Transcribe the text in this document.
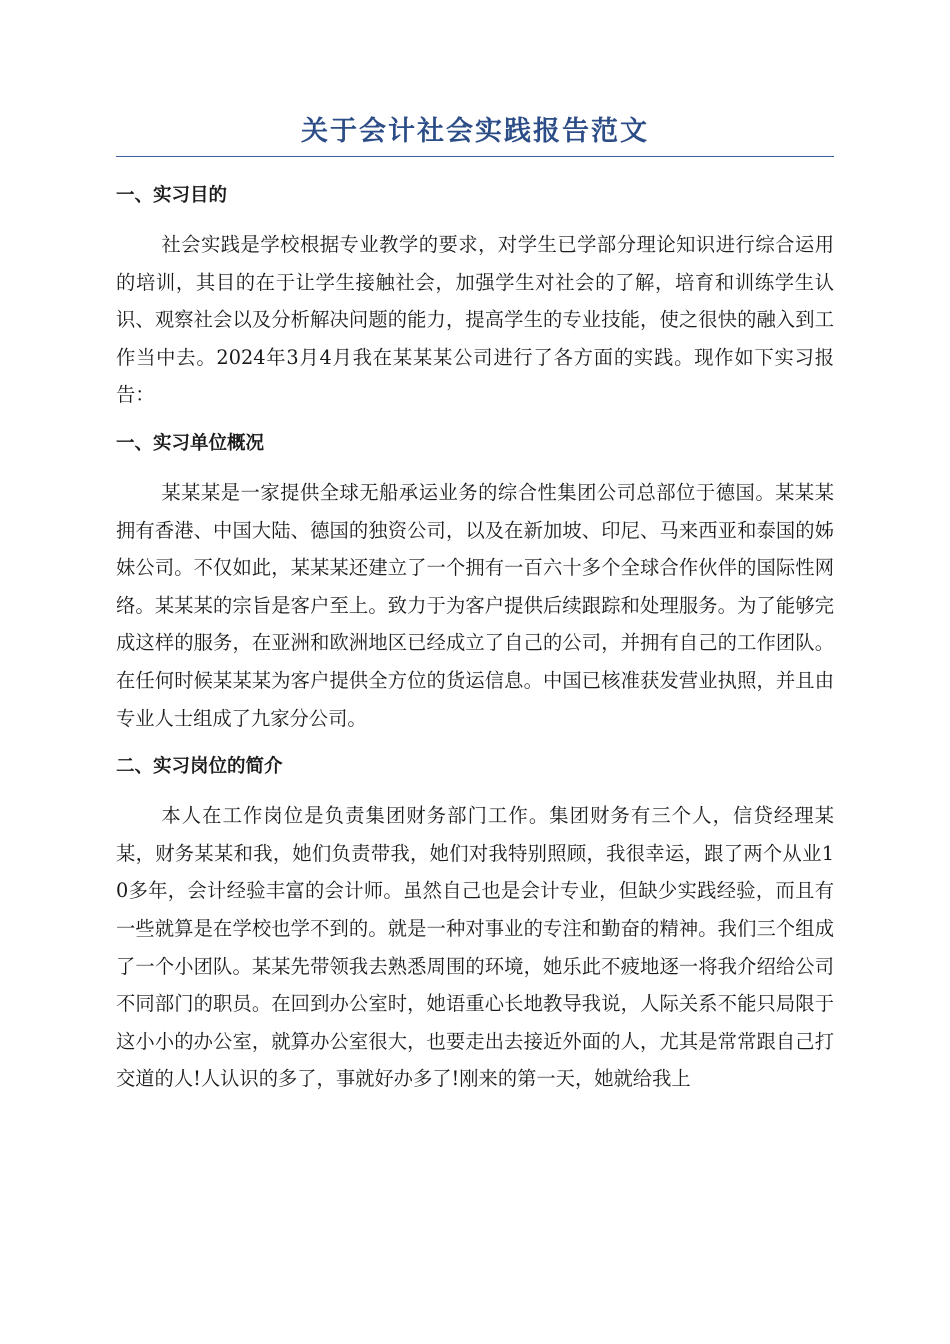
关于会计社会实践报告范文
一、实习目的

社会实践是学校根据专业教学的要求，对学生已学部分理论知识进行综合运用的培训，其目的在于让学生接触社会，加强学生对社会的了解，培育和训练学生认识、观察社会以及分析解决问题的能力，提高学生的专业技能，使之很快的融入到工作当中去。2024年3月4月我在某某某公司进行了各方面的实践。现作如下实习报告：

一、实习单位概况

某某某是一家提供全球无船承运业务的综合性集团公司总部位于德国。某某某拥有香港、中国大陆、德国的独资公司，以及在新加坡、印尼、马来西亚和泰国的姊妹公司。不仅如此，某某某还建立了一个拥有一百六十多个全球合作伙伴的国际性网络。某某某的宗旨是客户至上。致力于为客户提供后续跟踪和处理服务。为了能够完成这样的服务，在亚洲和欧洲地区已经成立了自己的公司，并拥有自己的工作团队。在任何时候某某某为客户提供全方位的货运信息。中国已核准获发营业执照，并且由专业人士组成了九家分公司。

二、实习岗位的简介

本人在工作岗位是负责集团财务部门工作。集团财务有三个人，信贷经理某某，财务某某和我，她们负责带我，她们对我特别照顾，我很幸运，跟了两个从业10多年，会计经验丰富的会计师。虽然自己也是会计专业，但缺少实践经验，而且有一些就算是在学校也学不到的。就是一种对事业的专注和勤奋的精神。我们三个组成了一个小团队。某某先带领我去熟悉周围的环境，她乐此不疲地逐一将我介绍给公司不同部门的职员。在回到办公室时，她语重心长地教导我说，人际关系不能只局限于这小小的办公室，就算办公室很大，也要走出去接近外面的人，尤其是常常跟自己打交道的人!人认识的多了，事就好办多了!刚来的第一天，她就给我上
